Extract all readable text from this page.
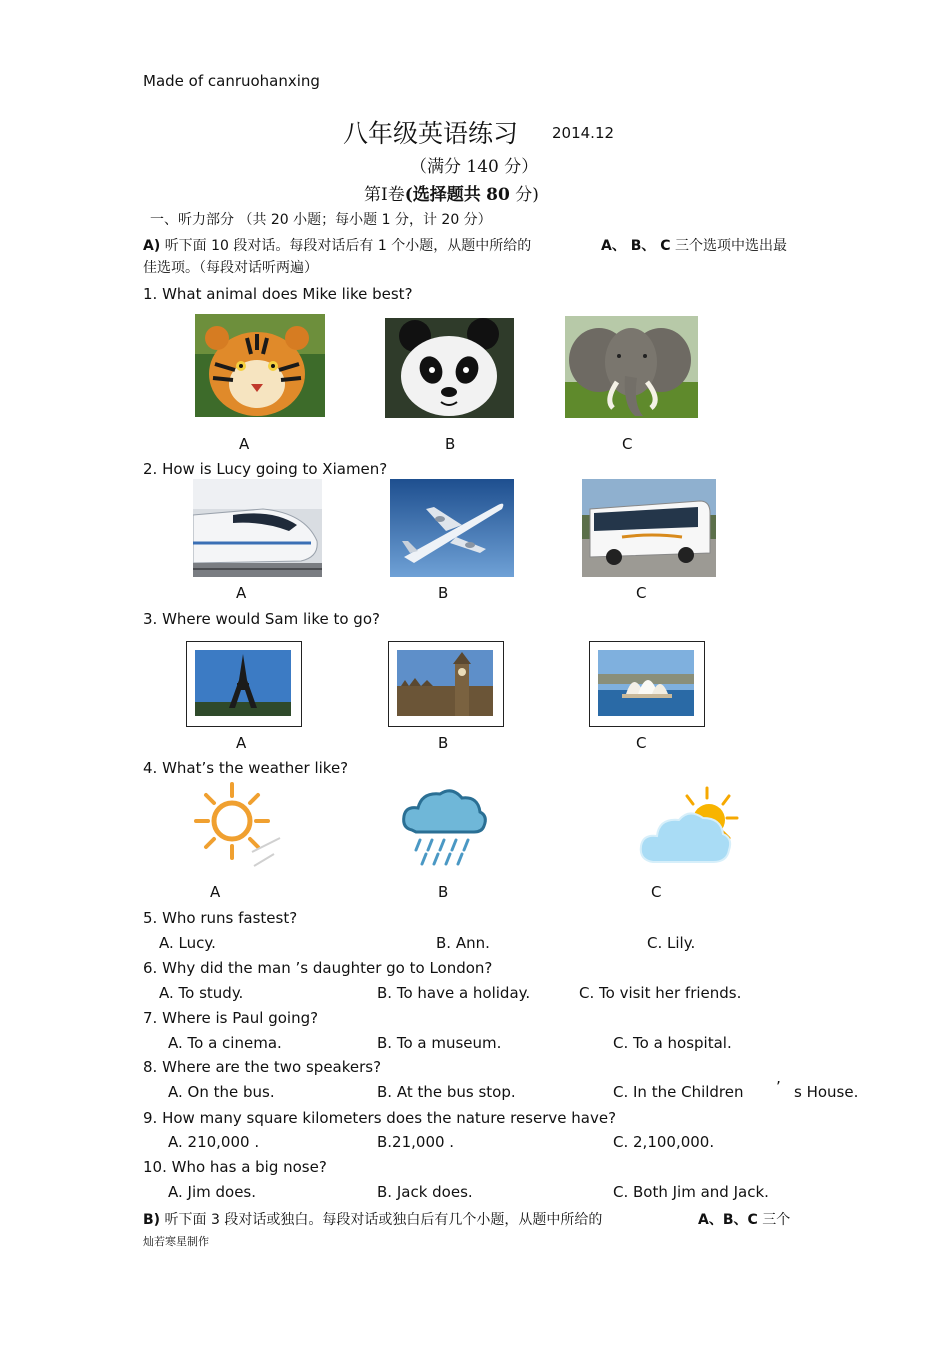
Made of canruohanxing
八年级英语练习 2014.12
（满分 140 分）
第Ⅰ卷(选择题共 80 分)
一、听力部分 （共 20 小题；每小题 1 分，计 20 分）
A) 听下面 10 段对话。每段对话后有 1 个小题，从题中所给的	A、 B、 C 三个选项中选出最
佳选项。（每段对话听两遍）
1. What animal does Mike like best?
A	B	C
2. How is Lucy going to Xiamen?
A	B	C
3. Where would Sam like to go?
A	B	C
4. What’s the weather like?
A	B	C
5. Who runs fastest?
A. Lucy.	B. Ann.	C. Lily.
6. Why did the man ’s daughter go to London?
A. To study.	B. To have a holiday.	C. To visit her friends.
7. Where is Paul going?
A. To a cinema.	B. To a museum.	C. To a hospital.
8. Where are the two speakers?
A. On the bus.	B. At the bus stop.	C. In the Children ’ s House.
9. How many square kilometers does the nature reserve have?
A. 210,000 .	B.21,000 .	C. 2,100,000.
10. Who has a big nose?
A. Jim does.	B. Jack does.	C. Both Jim and Jack.
B) 听下面 3 段对话或独白。每段对话或独白后有几个小题，从题中所给的	A、B、C 三个
灿若寒星制作
